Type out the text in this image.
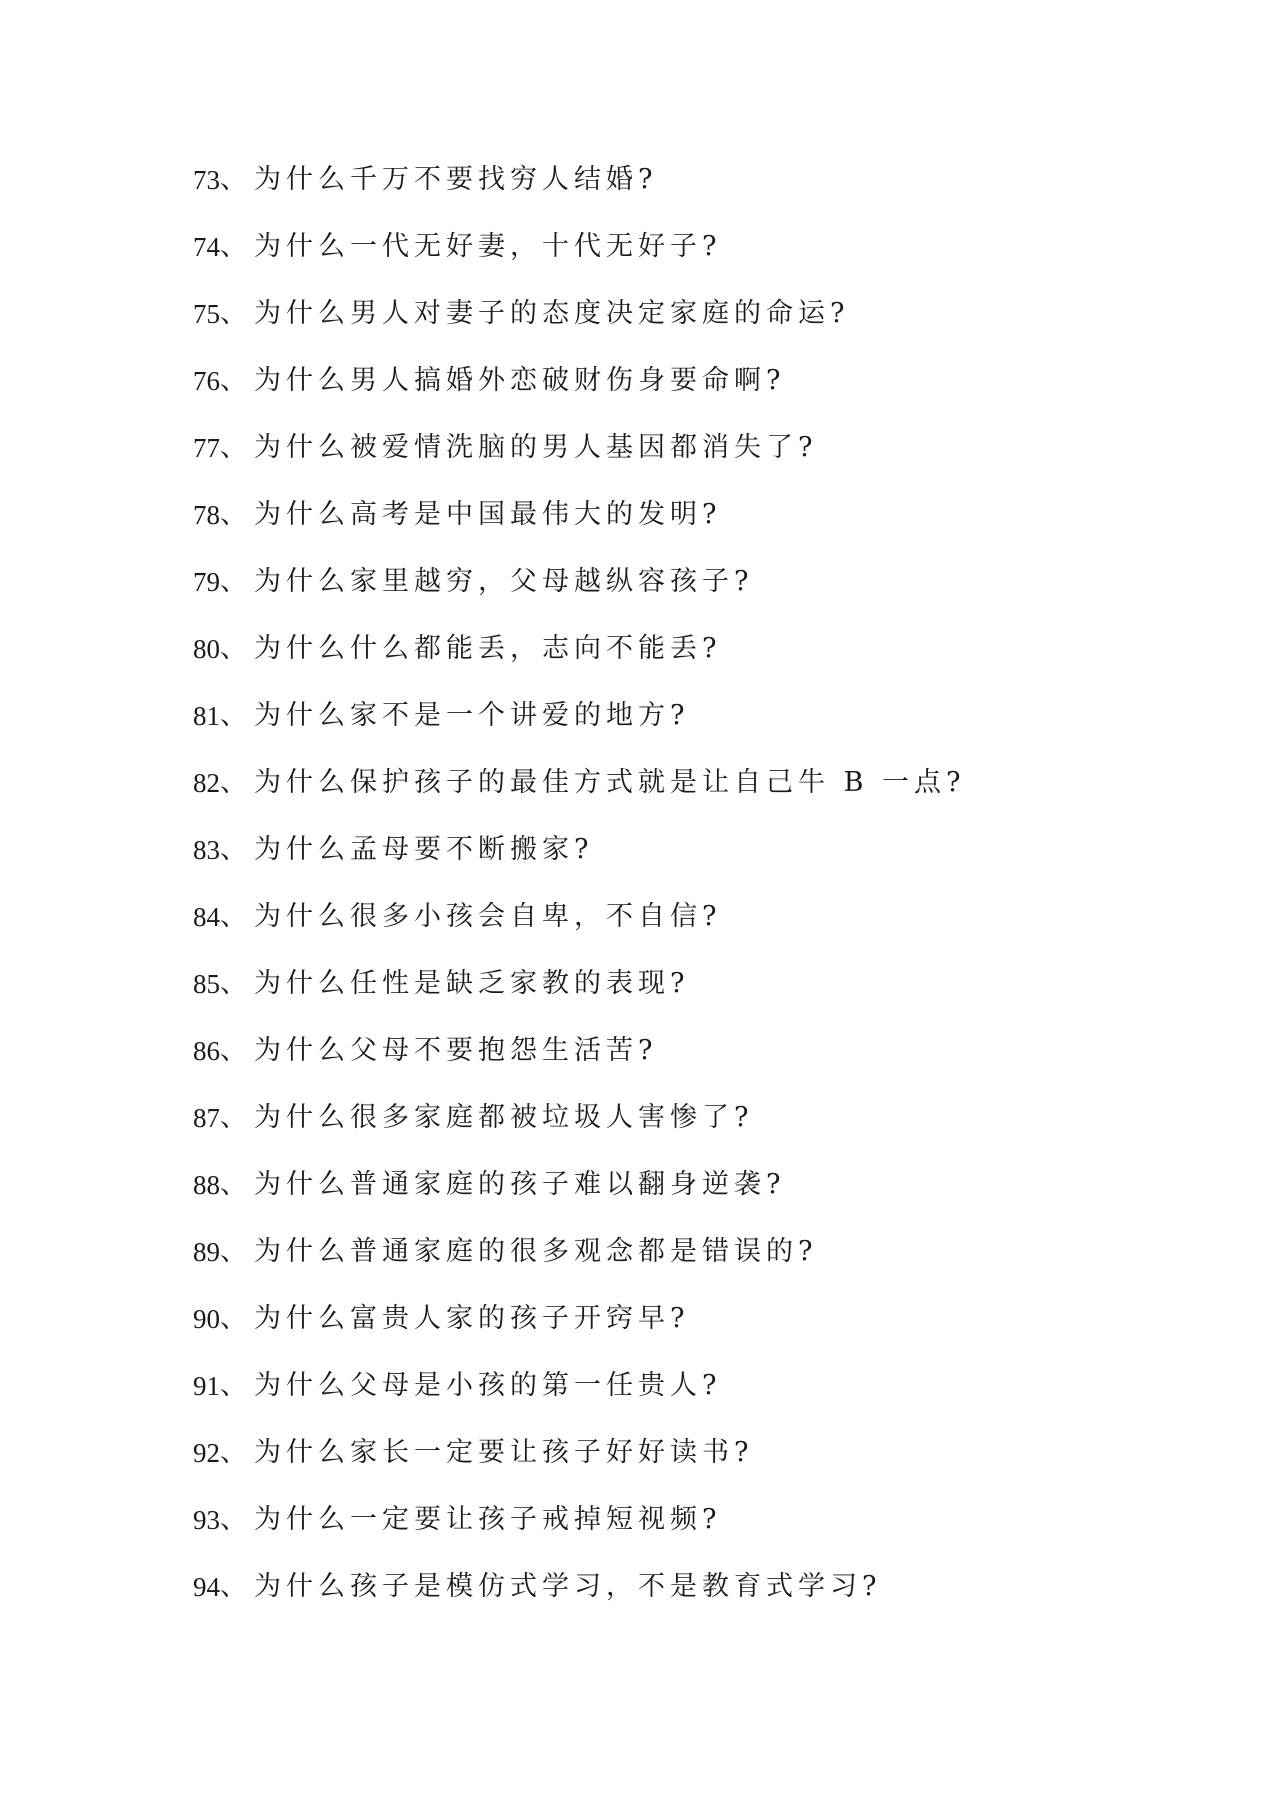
73 、 为什么千万不要找穷人结婚?
74 、 为什么一代无好妻，十代无好子?
75 、 为什么男人对妻子的态度决定家庭的命运?
76 、 为什么男人搞婚外恋破财伤身要命啊?
77 、 为什么被爱情洗脑的男人基因都消失了?
78 、 为什么高考是中国最伟大的发明?
79 、 为什么家里越穷，父母越纵容孩子?
80 、 为什么什么都能丢，志向不能丢?
81 、 为什么家不是一个讲爱的地方?
82 、 为什么保护孩子的最佳方式就是让自己牛 B 一点?
83 、 为什么孟母要不断搬家?
84 、 为什么很多小孩会自卑，不自信?
85 、 为什么任性是缺乏家教的表现?
86 、 为什么父母不要抱怨生活苦?
87 、 为什么很多家庭都被垃圾人害惨了?
88 、 为什么普通家庭的孩子难以翻身逆袭?
89 、 为什么普通家庭的很多观念都是错误的?
90 、 为什么富贵人家的孩子开窍早?
91 、 为什么父母是小孩的第一任贵人?
92 、 为什么家长一定要让孩子好好读书?
93 、 为什么一定要让孩子戒掉短视频?
94 、 为什么孩子是模仿式学习，不是教育式学习?
